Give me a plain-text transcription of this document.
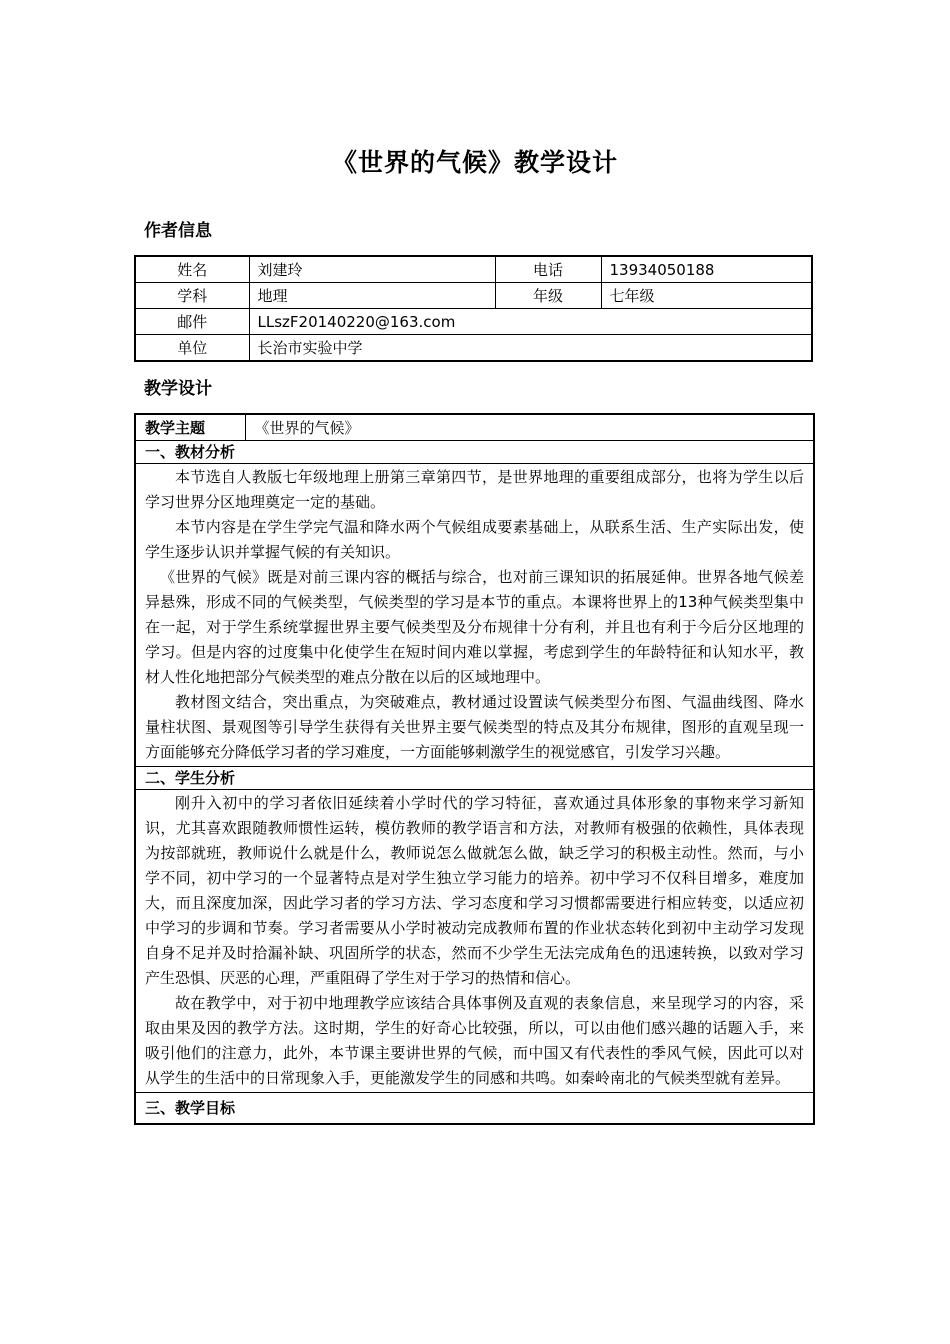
《世界的气候》教学设计
作者信息
姓名	刘建玲	电话	13934050188
学科	地理	年级	七年级
邮件	LLszF20140220@163.com		
单位	长治市实验中学		
教学设计
教学主题	《世界的气候》
一、教材分析

本节选自人教版七年级地理上册第三章第四节，是世界地理的重要组成部分，也将为学生以后学习世界分区地理奠定一定的基础。

本节内容是在学生学完气温和降水两个气候组成要素基础上，从联系生活、生产实际出发，使学生逐步认识并掌握气候的有关知识。

《世界的气候》既是对前三课内容的概括与综合，也对前三课知识的拓展延伸。世界各地气候差异悬殊，形成不同的气候类型，气候类型的学习是本节的重点。本课将世界上的13种气候类型集中在一起，对于学生系统掌握世界主要气候类型及分布规律十分有利，并且也有利于今后分区地理的学习。但是内容的过度集中化使学生在短时间内难以掌握，考虑到学生的年龄特征和认知水平，教材人性化地把部分气候类型的难点分散在以后的区域地理中。

教材图文结合，突出重点，为突破难点，教材通过设置读气候类型分布图、气温曲线图、降水量柱状图、景观图等引导学生获得有关世界主要气候类型的特点及其分布规律，图形的直观呈现一方面能够充分降低学习者的学习难度，一方面能够刺激学生的视觉感官，引发学习兴趣。

二、学生分析

刚升入初中的学习者依旧延续着小学时代的学习特征，喜欢通过具体形象的事物来学习新知识，尤其喜欢跟随教师惯性运转，模仿教师的教学语言和方法，对教师有极强的依赖性，具体表现为按部就班，教师说什么就是什么，教师说怎么做就怎么做，缺乏学习的积极主动性。然而，与小学不同，初中学习的一个显著特点是对学生独立学习能力的培养。初中学习不仅科目增多，难度加大，而且深度加深，因此学习者的学习方法、学习态度和学习习惯都需要进行相应转变，以适应初中学习的步调和节奏。学习者需要从小学时被动完成教师布置的作业状态转化到初中主动学习发现自身不足并及时拾漏补缺、巩固所学的状态，然而不少学生无法完成角色的迅速转换，以致对学习产生恐惧、厌恶的心理，严重阻碍了学生对于学习的热情和信心。

故在教学中，对于初中地理教学应该结合具体事例及直观的表象信息，来呈现学习的内容，采取由果及因的教学方法。这时期，学生的好奇心比较强，所以，可以由他们感兴趣的话题入手，来吸引他们的注意力，此外，本节课主要讲世界的气候，而中国又有代表性的季风气候，因此可以对从学生的生活中的日常现象入手，更能激发学生的同感和共鸣。如秦岭南北的气候类型就有差异。

三、教学目标
